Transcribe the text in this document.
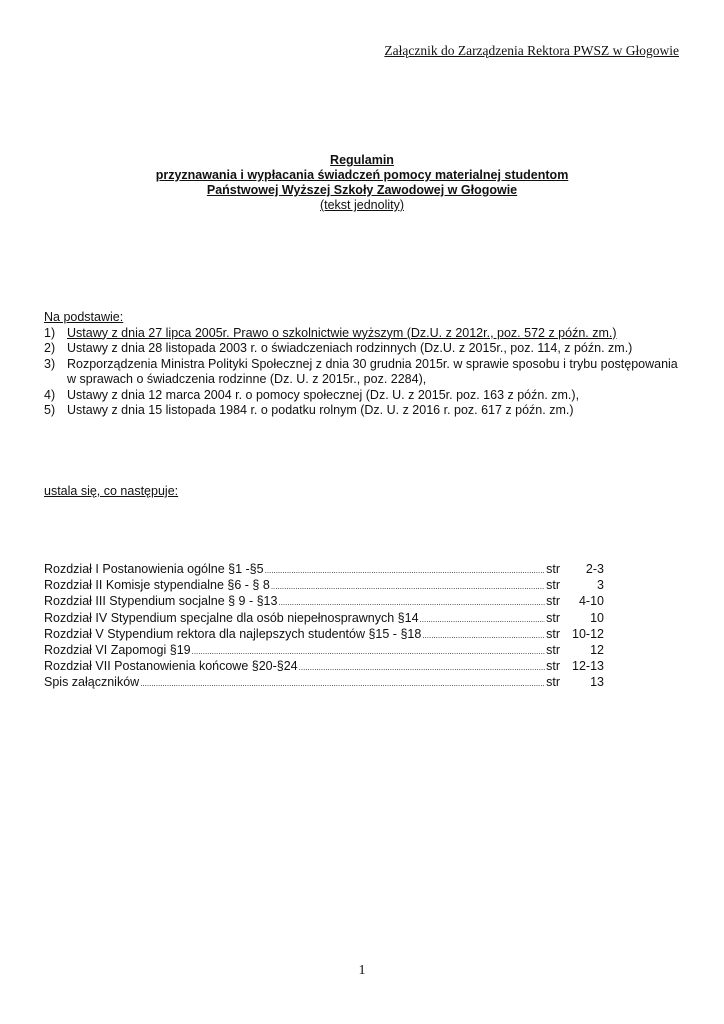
Załącznik do Zarządzenia Rektora PWSZ w Głogowie
Regulamin
przyznawania i wypłacania świadczeń pomocy materialnej studentom
Państwowej Wyższej Szkoły Zawodowej w Głogowie
(tekst jednolity)
Na podstawie:
1) Ustawy z dnia 27 lipca 2005r. Prawo o szkolnictwie wyższym (Dz.U. z 2012r., poz. 572 z późn. zm.)
2) Ustawy z dnia 28 listopada 2003 r. o świadczeniach rodzinnych (Dz.U. z 2015r., poz. 114, z późn. zm.)
3) Rozporządzenia Ministra Polityki Społecznej z dnia 30 grudnia 2015r. w sprawie sposobu i trybu postępowania w sprawach o świadczenia rodzinne (Dz. U. z 2015r., poz. 2284),
4) Ustawy z dnia 12 marca 2004 r. o pomocy społecznej (Dz. U. z 2015r. poz. 163 z późn. zm.),
5) Ustawy z dnia 15 listopada 1984 r. o podatku rolnym (Dz. U. z 2016 r. poz. 617 z późn. zm.)
ustala się, co następuje:
Rozdział I Postanowienia ogólne §1 -§5 .....	str	2-3
Rozdział II Komisje stypendialne §6 - § 8 .....	str	3
Rozdział III Stypendium socjalne § 9 - §13 .....	str	4-10
Rozdział IV Stypendium specjalne dla osób niepełnosprawnych §14 .....	str	10
Rozdział V Stypendium rektora dla najlepszych studentów §15 - §18 .....	str 10-12
Rozdział VI Zapomogi §19 .....	str	12
Rozdział VII Postanowienia końcowe §20-§24 .....	str 12-13
Spis załączników .....	str	13
1
